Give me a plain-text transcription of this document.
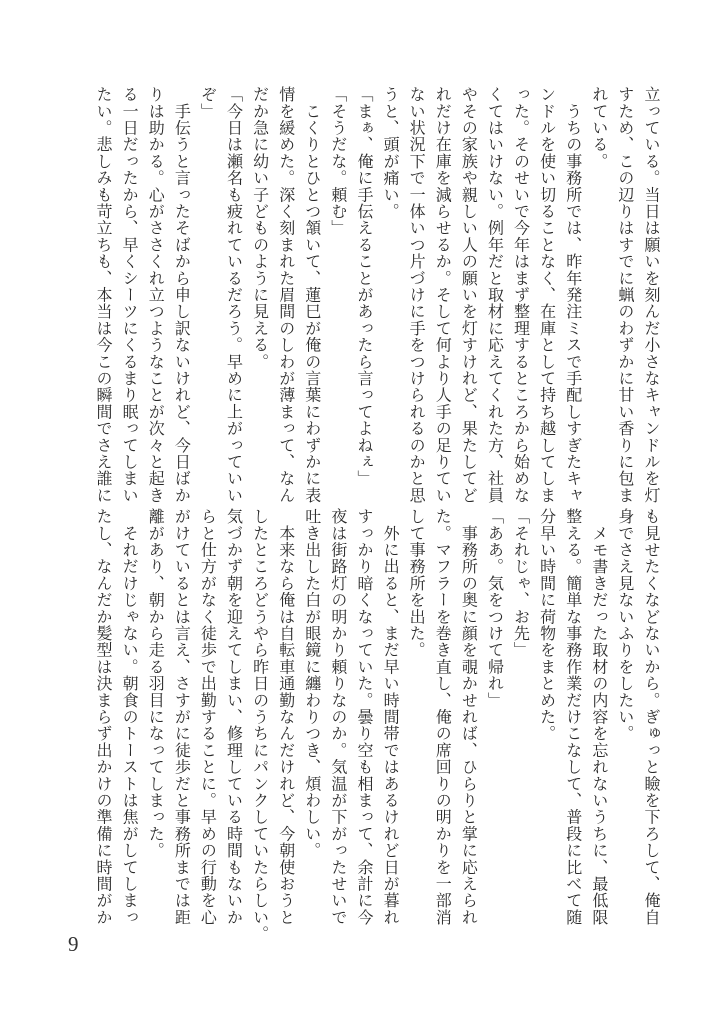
立っている。当日は願いを刻んだ小さなキャンドルを灯
すため、この辺りはすでに蝋のわずかに甘い香りに包ま
れている。
　うちの事務所では、昨年発注ミスで手配しすぎたキャ
ンドルを使い切ることなく、在庫として持ち越してしま
った。そのせいで今年はまず整理するところから始めな
くてはいけない。例年だと取材に応えてくれた方、社員
やその家族や親しい人の願いを灯すけれど、果たしてど
れだけ在庫を減らせるか。そして何より人手の足りてい
ない状況下で一体いつ片づけに手をつけられるのかと思
うと、頭が痛い。
「まぁ、俺に手伝えることがあったら言ってよねぇ」
「そうだな。頼む」
　こくりとひとつ頷いて、蓮巳が俺の言葉にわずかに表
情を緩めた。深く刻まれた眉間のしわが薄まって、なん
だか急に幼い子どものように見える。
「今日は瀬名も疲れているだろう。早めに上がっていい
ぞ」
　手伝うと言ったそばから申し訳ないけれど、今日ばか
りは助かる。心がささくれ立つようなことが次々と起き
る一日だったから、早くシーツにくるまり眠ってしまい
たい。悲しみも苛立ちも、本当は今この瞬間でさえ誰に
も見せたくなどないから。ぎゅっと瞼を下ろして、俺自
身でさえ見ないふりをしたい。
　メモ書きだった取材の内容を忘れないうちに、最低限
整える。簡単な事務作業だけこなして、普段に比べて随
分早い時間に荷物をまとめた。
「それじゃ、お先」
「ああ。気をつけて帰れ」
　事務所の奥に顔を覗かせれば、ひらりと掌に応えられ
た。マフラーを巻き直し、俺の席回りの明かりを一部消
して事務所を出た。
　外に出ると、まだ早い時間帯ではあるけれど日が暮れ
すっかり暗くなっていた。曇り空も相まって、余計に今
夜は街路灯の明かり頼りなのか。気温が下がったせいで
吐き出した白が眼鏡に纏わりつき、煩わしい。
　本来なら俺は自転車通勤なんだけれど、今朝使おうと
したところどうやら昨日のうちにパンクしていたらしい。
気づかず朝を迎えてしまい、修理している時間もないか
らと仕方がなく徒歩で出勤することに。早めの行動を心
がけているとは言え、さすがに徒歩だと事務所までは距
離があり、朝から走る羽目になってしまった。
　それだけじゃない。朝食のトーストは焦がしてしまっ
たし、なんだか髪型は決まらず出かけの準備に時間がか
9
